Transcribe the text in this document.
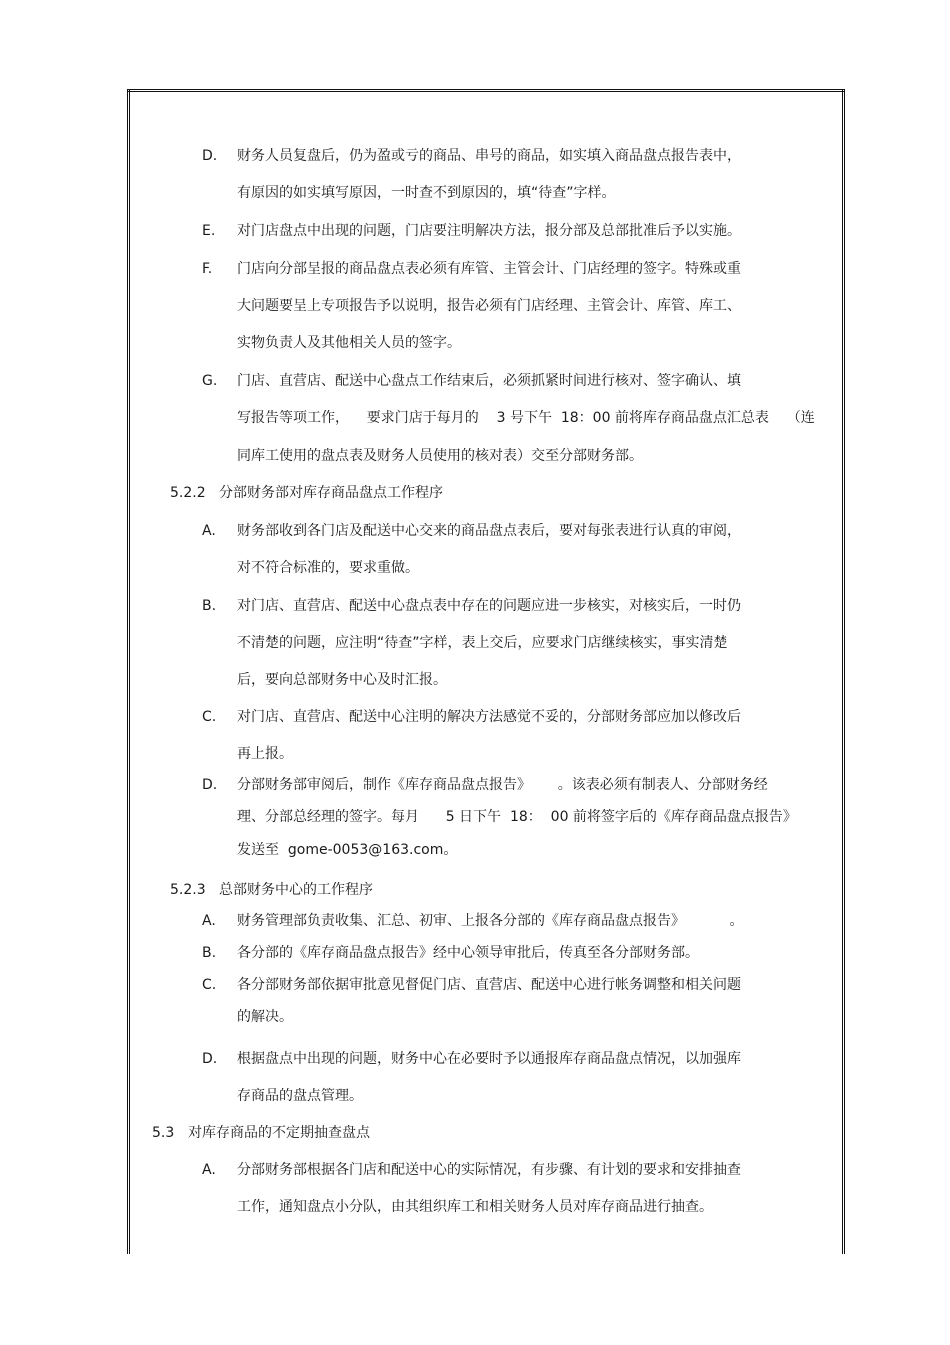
D. 财务人员复盘后，仍为盈或亏的商品、串号的商品，如实填入商品盘点报告表中，
有原因的如实填写原因，一时查不到原因的，填“待查”字样。
E. 对门店盘点中出现的问题，门店要注明解决方法，报分部及总部批准后予以实施。
F. 门店向分部呈报的商品盘点表必须有库管、主管会计、门店经理的签字。特殊或重
大问题要呈上专项报告予以说明，报告必须有门店经理、主管会计、库管、库工、
实物负责人及其他相关人员的签字。
G. 门店、直营店、配送中心盘点工作结束后，必须抓紧时间进行核对、签字确认、填
写报告等项工作，    要求门店于每月的    3 号下午  18：00 前将库存商品盘点汇总表    （连
同库工使用的盘点表及财务人员使用的核对表）交至分部财务部。
5.2.2 分部财务部对库存商品盘点工作程序
A. 财务部收到各门店及配送中心交来的商品盘点表后，要对每张表进行认真的审阅，
对不符合标准的，要求重做。
B. 对门店、直营店、配送中心盘点表中存在的问题应进一步核实，对核实后，一时仍
不清楚的问题，应注明“待查”字样，表上交后，应要求门店继续核实，事实清楚
后，要向总部财务中心及时汇报。
C. 对门店、直营店、配送中心注明的解决方法感觉不妥的，分部财务部应加以修改后
再上报。
D. 分部财务部审阅后，制作《库存商品盘点报告》      。该表必须有制表人、分部财务经
理、分部总经理的签字。每月      5 日下午  18：  00 前将签字后的《库存商品盘点报告》
发送至  gome-0053@163.com。
5.2.3 总部财务中心的工作程序
A. 财务管理部负责收集、汇总、初审、上报各分部的《库存商品盘点报告》          。
B. 各分部的《库存商品盘点报告》经中心领导审批后，传真至各分部财务部。
C. 各分部财务部依据审批意见督促门店、直营店、配送中心进行帐务调整和相关问题
的解决。
D. 根据盘点中出现的问题，财务中心在必要时予以通报库存商品盘点情况，以加强库
存商品的盘点管理。
5.3 对库存商品的不定期抽查盘点
A. 分部财务部根据各门店和配送中心的实际情况，有步骤、有计划的要求和安排抽查
工作，通知盘点小分队，由其组织库工和相关财务人员对库存商品进行抽查。
